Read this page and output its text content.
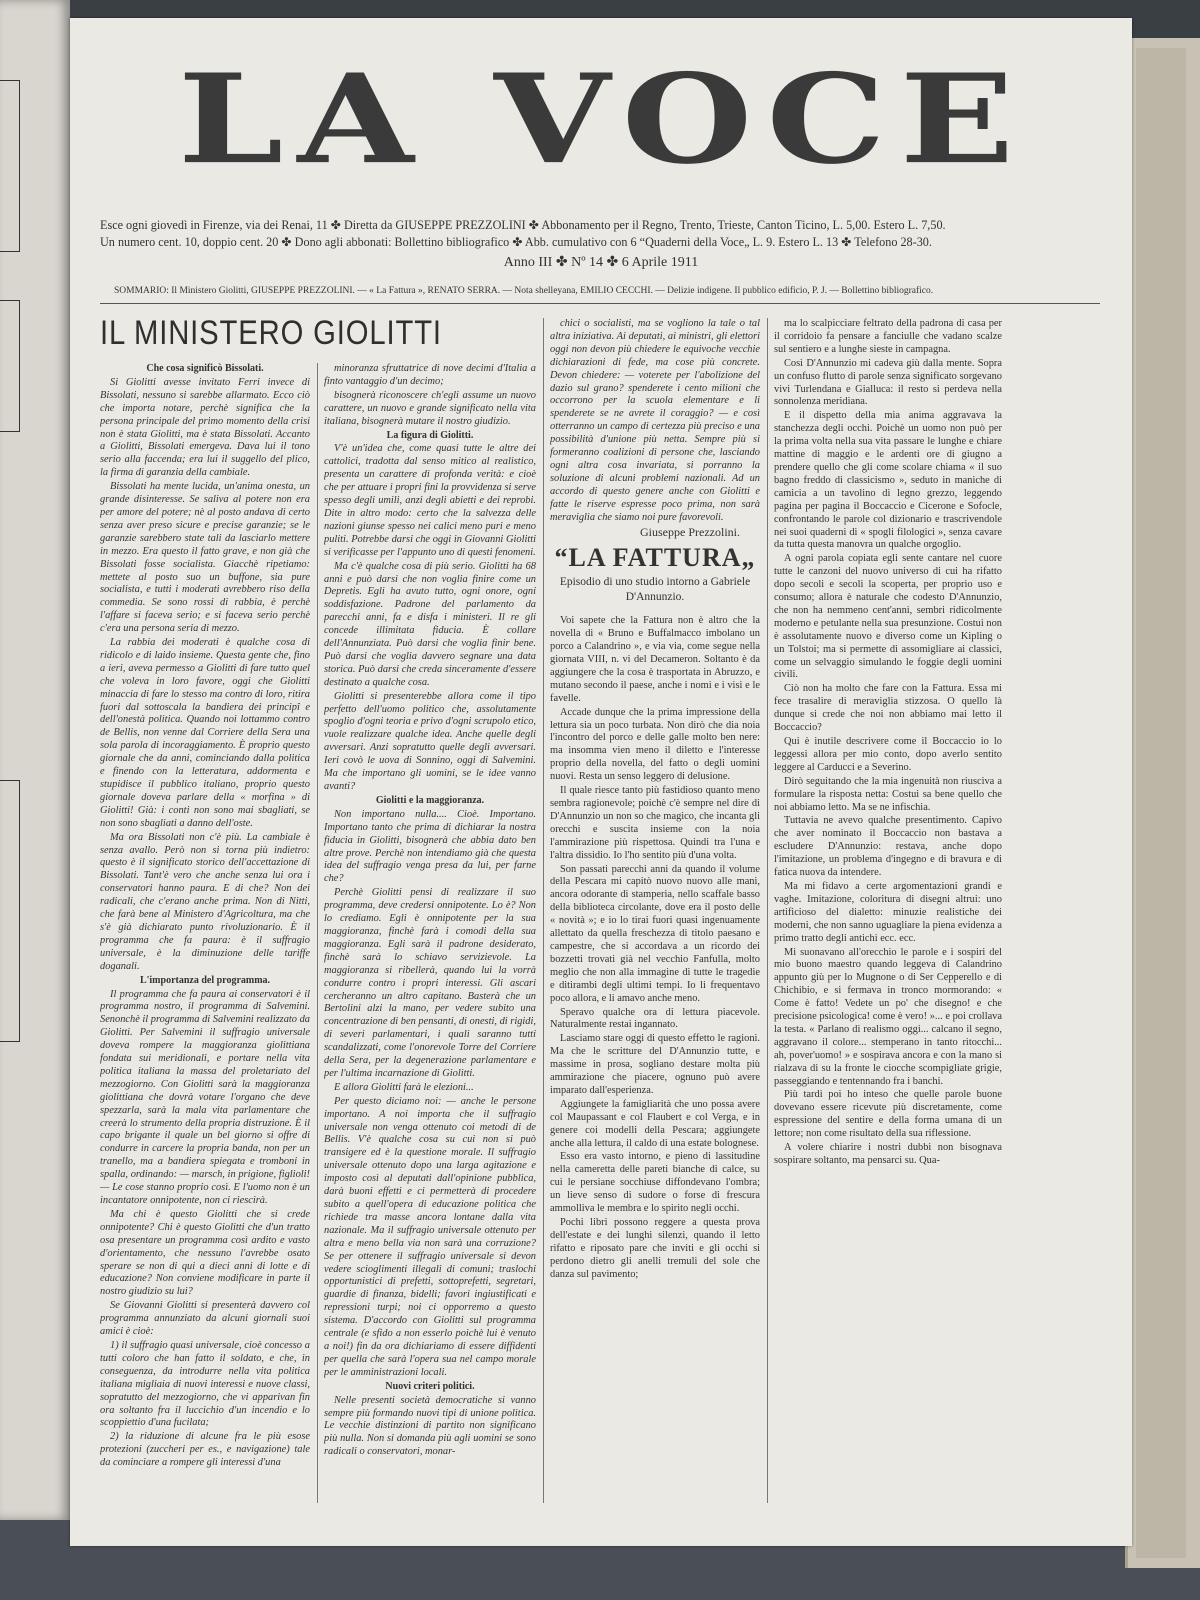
LA VOCE
Esce ogni giovedì in Firenze, via dei Renai, 11 ✤ Diretta da GIUSEPPE PREZZOLINI ✤ Abbonamento per il Regno, Trento, Trieste, Canton Ticino, L. 5,00. Estero L. 7,50.
Un numero cent. 10, doppio cent. 20 ✤ Dono agli abbonati: Bollettino bibliografico ✤ Abb. cumulativo con 6 “Quaderni della Voce„ L. 9. Estero L. 13 ✤ Telefono 28-30.
Anno III ✤ Nº 14 ✤ 6 Aprile 1911
SOMMARIO: Il Ministero Giolitti, GIUSEPPE PREZZOLINI. — « La Fattura », RENATO SERRA. — Nota shelleyana, EMILIO CECCHI. — Delizie indigene. Il pubblico edificio, P. J. — Bollettino bibliografico.
IL MINISTERO GIOLITTI

Che cosa significò Bissolati.

Si Giolitti avesse invitato Ferri invece di Bissolati, nessuno si sarebbe allarmato. Ecco ciò che importa notare, perchè significa che la persona principale del primo momento della crisi non è stata Giolitti, ma è stata Bissolati. Accanto a Giolitti, Bissolati emergeva. Dava lui il tono serio alla faccenda; era lui il suggello del plico, la firma di garanzia della cambiale.

Bissolati ha mente lucida, un'anima onesta, un grande disinteresse. Se saliva al potere non era per amore del potere; nè al posto andava di certo senza aver preso sicure e precise garanzie; se le garanzie sarebbero state tali da lasciarlo mettere in mezzo. Era questo il fatto grave, e non già che Bissolati fosse socialista. Giacchè ripetiamo: mettete al posto suo un buffone, sia pure socialista, e tutti i moderati avrebbero riso della commedia. Se sono rossi di rabbia, è perchè l'affare si faceva serio; e si faceva serio perchè c'era una persona seria di mezzo.

La rabbia dei moderati è qualche cosa di ridicolo e di laido insieme. Questa gente che, fino a ieri, aveva permesso a Giolitti di fare tutto quel che voleva in loro favore, oggi che Giolitti minaccia di fare lo stesso ma contro di loro, ritira fuori dal sottoscala la bandiera dei principî e dell'onestà politica. Quando noi lottammo contro de Bellis, non venne dal Corriere della Sera una sola parola di incoraggiamento. È proprio questo giornale che da anni, cominciando dalla politica e finendo con la letteratura, addormenta e stupidisce il pubblico italiano, proprio questo giornale doveva parlare della « morfina » di Giolitti! Già: i conti non sono mai sbagliati, se non sono sbagliati a danno dell'oste.

Ma ora Bissolati non c'è più. La cambiale è senza avallo. Però non si torna più indietro: questo è il significato storico dell'accettazione di Bissolati. Tant'è vero che anche senza lui ora i conservatori hanno paura. E di che? Non dei radicali, che c'erano anche prima. Non di Nitti, che farà bene al Ministero d'Agricoltura, ma che s'è già dichiarato punto rivoluzionario. È il programma che fa paura: è il suffragio universale, è la diminuzione delle tariffe doganali.

L'importanza del programma.

Il programma che fa paura ai conservatori è il programma nostro, il programma di Salvemini. Senonchè il programma di Salvemini realizzato da Giolitti. Per Salvemini il suffragio universale doveva rompere la maggioranza giolittiana fondata sui meridionali, e portare nella vita politica italiana la massa del proletariato del mezzogiorno. Con Giolitti sarà la maggioranza giolittiana che dovrà votare l'organo che deve spezzarla, sarà la mala vita parlamentare che creerà lo strumento della propria distruzione. È il capo brigante il quale un bel giorno si offre di condurre in carcere la propria banda, non per un tranello, ma a bandiera spiegata e tromboni in spalla, ordinando: — marsch, in prigione, figlioli! — Le cose stanno proprio così. E l'uomo non è un incantatore onnipotente, non ci riescirà.

Ma chi è questo Giolitti che si crede onnipotente? Chi è questo Giolitti che d'un tratto osa presentare un programma così ardito e vasto d'orientamento, che nessuno l'avrebbe osato sperare se non di qui a dieci anni di lotte e di educazione? Non conviene modificare in parte il nostro giudizio su lui?

Se Giovanni Giolitti si presenterà davvero col programma annunziato da alcuni giornali suoi amici è cioè:

1) il suffragio quasi universale, cioè concesso a tutti coloro che han fatto il soldato, e che, in conseguenza, da introdurre nella vita politica italiana migliaia di nuovi interessi e nuove classi, sopratutto del mezzogiorno, che vi apparivan fin ora soltanto fra il luccichio d'un incendio e lo scoppiettio d'una fucilata;

2) la riduzione di alcune fra le più esose protezioni (zuccheri per es., e navigazione) tale da cominciare a rompere gli interessi d'una

minoranza sfruttatrice di nove decimi d'Italia a finto vantaggio d'un decimo;

bisognerà riconoscere ch'egli assume un nuovo carattere, un nuovo e grande significato nella vita italiana, bisognerà mutare il nostro giudizio.

La figura di Giolitti.

V'è un'idea che, come quasi tutte le altre dei cattolici, tradotta dal senso mitico al realistico, presenta un carattere di profonda verità: e cioè che per attuare i propri fini la provvidenza si serve spesso degli umili, anzi degli abietti e dei reprobi. Dite in altro modo: certo che la salvezza delle nazioni giunse spesso nei calici meno puri e meno puliti. Potrebbe darsi che oggi in Giovanni Giolitti si verificasse per l'appunto uno di questi fenomeni.

Ma c'è qualche cosa di più serio. Giolitti ha 68 anni e può darsi che non voglia finire come un Depretis. Egli ha avuto tutto, ogni onore, ogni soddisfazione. Padrone del parlamento da parecchi anni, fa e disfa i ministeri. Il re gli concede illimitata fiducia. È collare dell'Annunziata. Può darsi che voglia finir bene. Può darsi che voglia davvero segnare una data storica. Può darsi che creda sinceramente d'essere destinato a qualche cosa.

Giolitti si presenterebbe allora come il tipo perfetto dell'uomo politico che, assolutamente spoglio d'ogni teoria e privo d'ogni scrupolo etico, vuole realizzare qualche idea. Anche quelle degli avversari. Anzi sopratutto quelle degli avversari. Ieri covò le uova di Sonnino, oggi di Salvemini. Ma che importano gli uomini, se le idee vanno avanti?

Giolitti e la maggioranza.

Non importano nulla.... Cioè. Importano. Importano tanto che prima di dichiarar la nostra fiducia in Giolitti, bisognerà che abbia dato ben altre prove. Perchè non intendiamo già che questa idea del suffragio venga presa da lui, per farne che?

Perchè Giolitti pensi di realizzare il suo programma, deve credersi onnipotente. Lo è? Non lo crediamo. Egli è onnipotente per la sua maggioranza, finchè farà i comodi della sua maggioranza. Egli sarà il padrone desiderato, finchè sarà lo schiavo servizievole. La maggioranza si ribellerà, quando lui la vorrà condurre contro i propri interessi. Gli ascari cercheranno un altro capitano. Basterà che un Bertolini alzi la mano, per vedere subito una concentrazione di ben pensanti, di onesti, di rigidi, di severi parlamentari, i quali saranno tutti scandalizzati, come l'onorevole Torre del Corriere della Sera, per la degenerazione parlamentare e per l'ultima incarnazione di Giolitti.

E allora Giolitti farà le elezioni...

Per questo diciamo noi: — anche le persone importano. A noi importa che il suffragio universale non venga ottenuto coi metodi di de Bellis. V'è qualche cosa su cui non si può transigere ed è la questione morale. Il suffragio universale ottenuto dopo una larga agitazione e imposto così al deputati dall'opinione pubblica, darà buoni effetti e ci permetterà di procedere subito a quell'opera di educazione politica che richiede tra masse ancora lontane dalla vita nazionale. Ma il suffragio universale ottenuto per altra e meno bella via non sarà una corruzione? Se per ottenere il suffragio universale si devon vedere scioglimenti illegali di comuni; traslochi opportunistici di prefetti, sottoprefetti, segretari, guardie di finanza, bidelli; favori ingiustificati e repressioni turpi; noi ci opporremo a questo sistema. D'accordo con Giolitti sul programma centrale (e sfido a non esserlo poichè lui è venuto a noi!) fin da ora dichiariamo di essere diffidenti per quella che sarà l'opera sua nel campo morale per le amministrazioni locali.

Nuovi criteri politici.

Nelle presenti società democratiche si vanno sempre più formando nuovi tipi di unione politica. Le vecchie distinzioni di partito non significano più nulla. Non si domanda più agli uomini se sono radicali o conservatori, monar-

chici o socialisti, ma se vogliono la tale o tal altra iniziativa. Ai deputati, ai ministri, gli elettori oggi non devon più chiedere le equivoche vecchie dichiarazioni di fede, ma cose più concrete. Devon chiedere: — voterete per l'abolizione del dazio sul grano? spenderete i cento milioni che occorrono per la scuola elementare e li spenderete se ne avrete il coraggio? — e così otterranno un campo di certezza più preciso e una possibilità d'unione più netta. Sempre più si formeranno coalizioni di persone che, lasciando ogni altra cosa invariata, si porranno la soluzione di alcuni problemi nazionali. Ad un accordo di questo genere anche con Giolitti e fatte le riserve espresse poco prima, non sarà meraviglia che siamo noi pure favorevoli.

Giuseppe Prezzolini.

“LA FATTURA„
Episodio di uno studio intorno a Gabriele D'Annunzio.

Voi sapete che la Fattura non è altro che la novella di « Bruno e Buffalmacco imbolano un porco a Calandrino », e via via, come segue nella giornata VIII, n. vi del Decameron. Soltanto è da aggiungere che la cosa è trasportata in Abruzzo, e mutano secondo il paese, anche i nomi e i visi e le favelle.

Accade dunque che la prima impressione della lettura sia un poco turbata. Non dirò che dia noia l'incontro del porco e delle galle molto ben nere: ma insomma vien meno il diletto e l'interesse proprio della novella, del fatto o degli uomini nuovi. Resta un senso leggero di delusione.

Il quale riesce tanto più fastidioso quanto meno sembra ragionevole; poichè c'è sempre nel dire di D'Annunzio un non so che magico, che incanta gli orecchi e suscita insieme con la noia l'ammirazione più rispettosa. Quindi tra l'una e l'altra dissidio. Io l'ho sentito più d'una volta.

Son passati parecchi anni da quando il volume della Pescara mi capitò nuovo nuovo alle mani, ancora odorante di stamperia, nello scaffale basso della biblioteca circolante, dove era il posto delle « novità »; e io lo tirai fuori quasi ingenuamente allettato da quella freschezza di titolo paesano e campestre, che si accordava a un ricordo dei bozzetti trovati già nel vecchio Fanfulla, molto meglio che non alla immagine di tutte le tragedie e ditirambi degli ultimi tempi. Io li frequentavo poco allora, e li amavo anche meno.

Speravo qualche ora di lettura piacevole. Naturalmente restai ingannato.

Lasciamo stare oggi di questo effetto le ragioni. Ma che le scritture del D'Annunzio tutte, e massime in prosa, sogliano destare molta più ammirazione che piacere, ognuno può avere imparato dall'esperienza.

Aggiungete la famigliarità che uno possa avere col Maupassant e col Flaubert e col Verga, e in genere coi modelli della Pescara; aggiungete anche alla lettura, il caldo di una estate bolognese.

Esso era vasto intorno, e pieno di lassitudine nella cameretta delle pareti bianche di calce, su cui le persiane socchiuse diffondevano l'ombra; un lieve senso di sudore o forse di frescura ammolliva le membra e lo spirito negli occhi.

Pochi libri possono reggere a questa prova dell'estate e dei lunghi silenzi, quando il letto rifatto e riposato pare che inviti e gli occhi si perdono dietro gli anelli tremuli del sole che danza sul pavimento;

ma lo scalpicciare feltrato della padrona di casa per il corridoio fa pensare a fanciulle che vadano scalze sul sentiero e a lunghe sieste in campagna.

Così D'Annunzio mi cadeva giù dalla mente. Sopra un confuso flutto di parole senza significato sorgevano vivi Turlendana e Gialluca: il resto si perdeva nella sonnolenza meridiana.

E il dispetto della mia anima aggravava la stanchezza degli occhi. Poichè un uomo non può per la prima volta nella sua vita passare le lunghe e chiare mattine di maggio e le ardenti ore di giugno a prendere quello che gli come scolare chiama « il suo bagno freddo di classicismo », seduto in maniche di camicia a un tavolino di legno grezzo, leggendo pagina per pagina il Boccaccio e Cicerone e Sofocle, confrontando le parole col dizionario e trascrivendole nei suoi quaderni di « spogli filologici », senza cavare da tutta questa manovra un qualche orgoglio.

A ogni parola copiata egli sente cantare nel cuore tutte le canzoni del nuovo universo di cui ha rifatto dopo secoli e secoli la scoperta, per proprio uso e consumo; allora è naturale che codesto D'Annunzio, che non ha nemmeno cent'anni, sembri ridicolmente moderno e petulante nella sua presunzione. Costui non è assolutamente nuovo e diverso come un Kipling o un Tolstoi; ma si permette di assomigliare ai classici, come un selvaggio simulando le foggie degli uomini civili.

Ciò non ha molto che fare con la Fattura. Essa mi fece trasalire di meraviglia stizzosa. O quello là dunque si crede che noi non abbiamo mai letto il Boccaccio?

Qui è inutile descrivere come il Boccaccio io lo leggessi allora per mio conto, dopo averlo sentito leggere al Carducci e a Severino.

Dirò seguitando che la mia ingenuità non riusciva a formulare la risposta netta: Costui sa bene quello che noi abbiamo letto. Ma se ne infischia.

Tuttavia ne avevo qualche presentimento. Capivo che aver nominato il Boccaccio non bastava a escludere D'Annunzio: restava, anche dopo l'imitazione, un problema d'ingegno e di bravura e di fatica nuova da intendere.

Ma mi fidavo a certe argomentazioni grandi e vaghe. Imitazione, coloritura di disegni altrui: uno artificioso del dialetto: minuzie realistiche dei moderni, che non sanno uguagliare la piena evidenza a primo tratto degli antichi ecc. ecc.

Mi suonavano all'orecchio le parole e i sospiri del mio buono maestro quando leggeva di Calandrino appunto giù per lo Mugnone o di Ser Cepperello e di Chichibio, e si fermava in tronco mormorando: « Come è fatto! Vedete un po' che disegno! e che precisione psicologica! come è vero! »... e poi crollava la testa. « Parlano di realismo oggi... calcano il segno, aggravano il colore... stemperano in tanto ritocchi... ah, pover'uomo! » e sospirava ancora e con la mano si rialzava di su la fronte le ciocche scompigliate grigie, passeggiando e tentennando fra i banchi.

Più tardi poi ho inteso che quelle parole buone dovevano essere ricevute più discretamente, come espressione del sentire e della forma umana di un lettore; non come risultato della sua riflessione.

A volere chiarire i nostri dubbi non bisognava sospirare soltanto, ma pensarci su. Qua-
